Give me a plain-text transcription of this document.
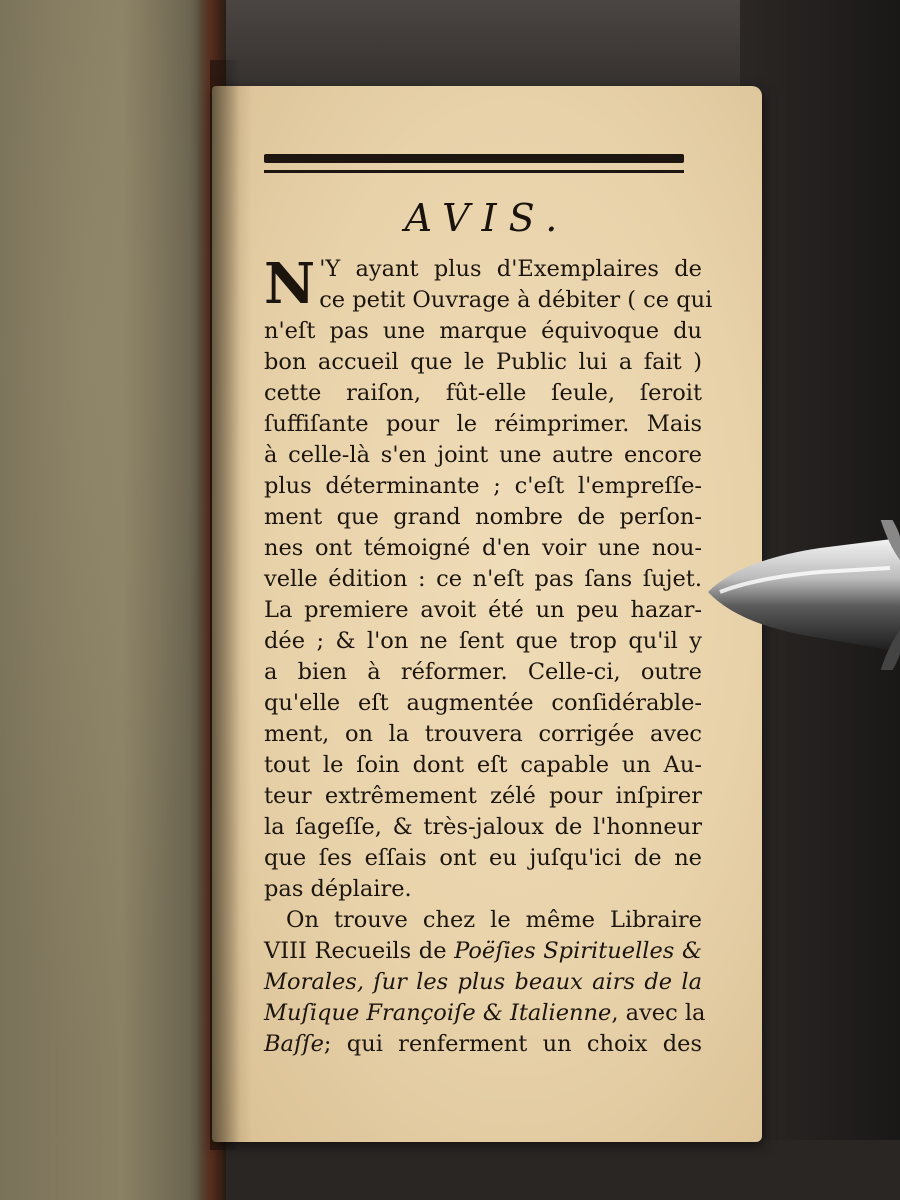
AVIS.
N 'Y ayant plus d'Exemplaires de
ce petit Ouvrage à débiter ( ce qui
n'eſt pas une marque équivoque du
bon accueil que le Public lui a fait )
cette raiſon, fût-elle ſeule, ſeroit
ſuffiſante pour le réimprimer. Mais
à celle-là s'en joint une autre encore
plus déterminante ; c'eſt l'empreſſe-
ment que grand nombre de perſon-
nes ont témoigné d'en voir une nou-
velle édition : ce n'eſt pas ſans ſujet.
La premiere avoit été un peu hazar-
dée ; & l'on ne ſent que trop qu'il y
a bien à réformer. Celle-ci, outre
qu'elle eſt augmentée conſidérable-
ment, on la trouvera corrigée avec
tout le ſoin dont eſt capable un Au-
teur extrêmement zélé pour inſpirer
la ſageſſe, & très-jaloux de l'honneur
que ſes eſſais ont eu juſqu'ici de ne
pas déplaire.
On trouve chez le même Libraire
VIII Recueils de Poëſies Spirituelles &
Morales, ſur les plus beaux airs de la
Muſique Françoiſe & Italienne, avec la
Baſſe; qui renferment un choix des
